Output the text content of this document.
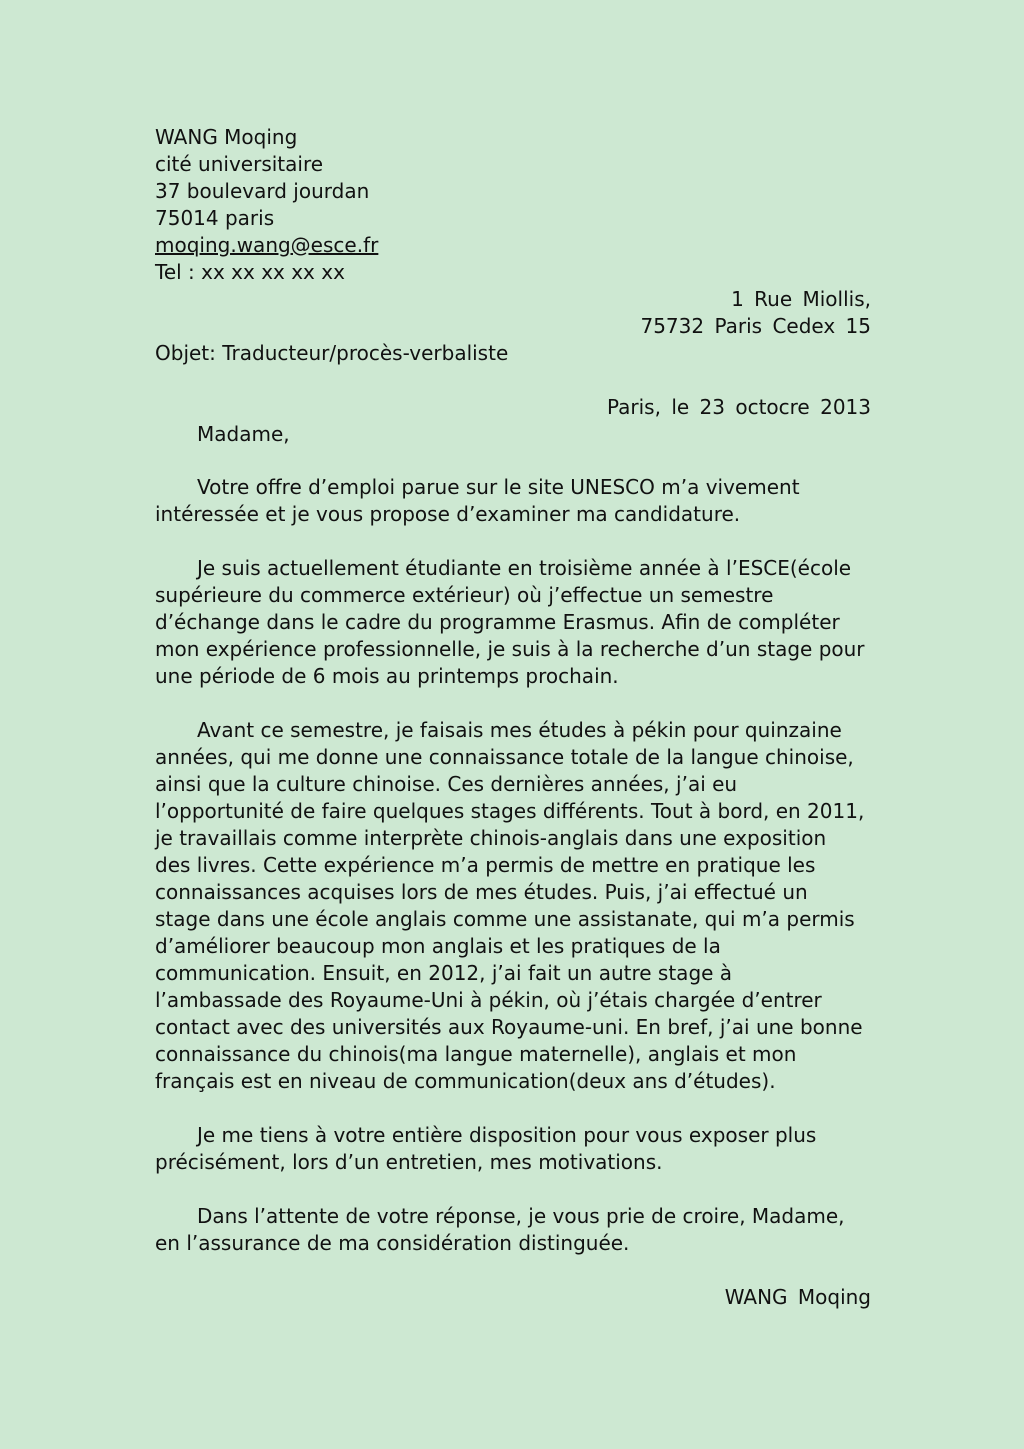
WANG Moqing
cité universitaire
37 boulevard jourdan
75014 paris
moqing.wang@esce.fr
Tel : xx xx xx xx xx
1 Rue Miollis,
75732 Paris Cedex 15
Objet: Traducteur/procès-verbaliste
Paris, le 23 octocre 2013
Madame,
Votre offre d’emploi parue sur le site UNESCO m’a vivement
intéressée et je vous propose d’examiner ma candidature.
Je suis actuellement étudiante en troisième année à l’ESCE(école
supérieure du commerce extérieur) où j’effectue un semestre
d’échange dans le cadre du programme Erasmus. Afin de compléter
mon expérience professionnelle, je suis à la recherche d’un stage pour
une période de 6 mois au printemps prochain.
Avant ce semestre, je faisais mes études à pékin pour quinzaine
années, qui me donne une connaissance totale de la langue chinoise,
ainsi que la culture chinoise. Ces dernières années, j’ai eu
l’opportunité de faire quelques stages différents. Tout à bord, en 2011,
je travaillais comme interprète chinois-anglais dans une exposition
des livres. Cette expérience m’a permis de mettre en pratique les
connaissances acquises lors de mes études. Puis, j’ai effectué un
stage dans une école anglais comme une assistanate, qui m’a permis
d’améliorer beaucoup mon anglais et les pratiques de la
communication. Ensuit, en 2012, j’ai fait un autre stage à
l’ambassade des Royaume-Uni à pékin, où j’étais chargée d’entrer
contact avec des universités aux Royaume-uni. En bref, j’ai une bonne
connaissance du chinois(ma langue maternelle), anglais et mon
français est en niveau de communication(deux ans d’études).
Je me tiens à votre entière disposition pour vous exposer plus
précisément, lors d’un entretien, mes motivations.
Dans l’attente de votre réponse, je vous prie de croire, Madame,
en l’assurance de ma considération distinguée.
WANG Moqing
